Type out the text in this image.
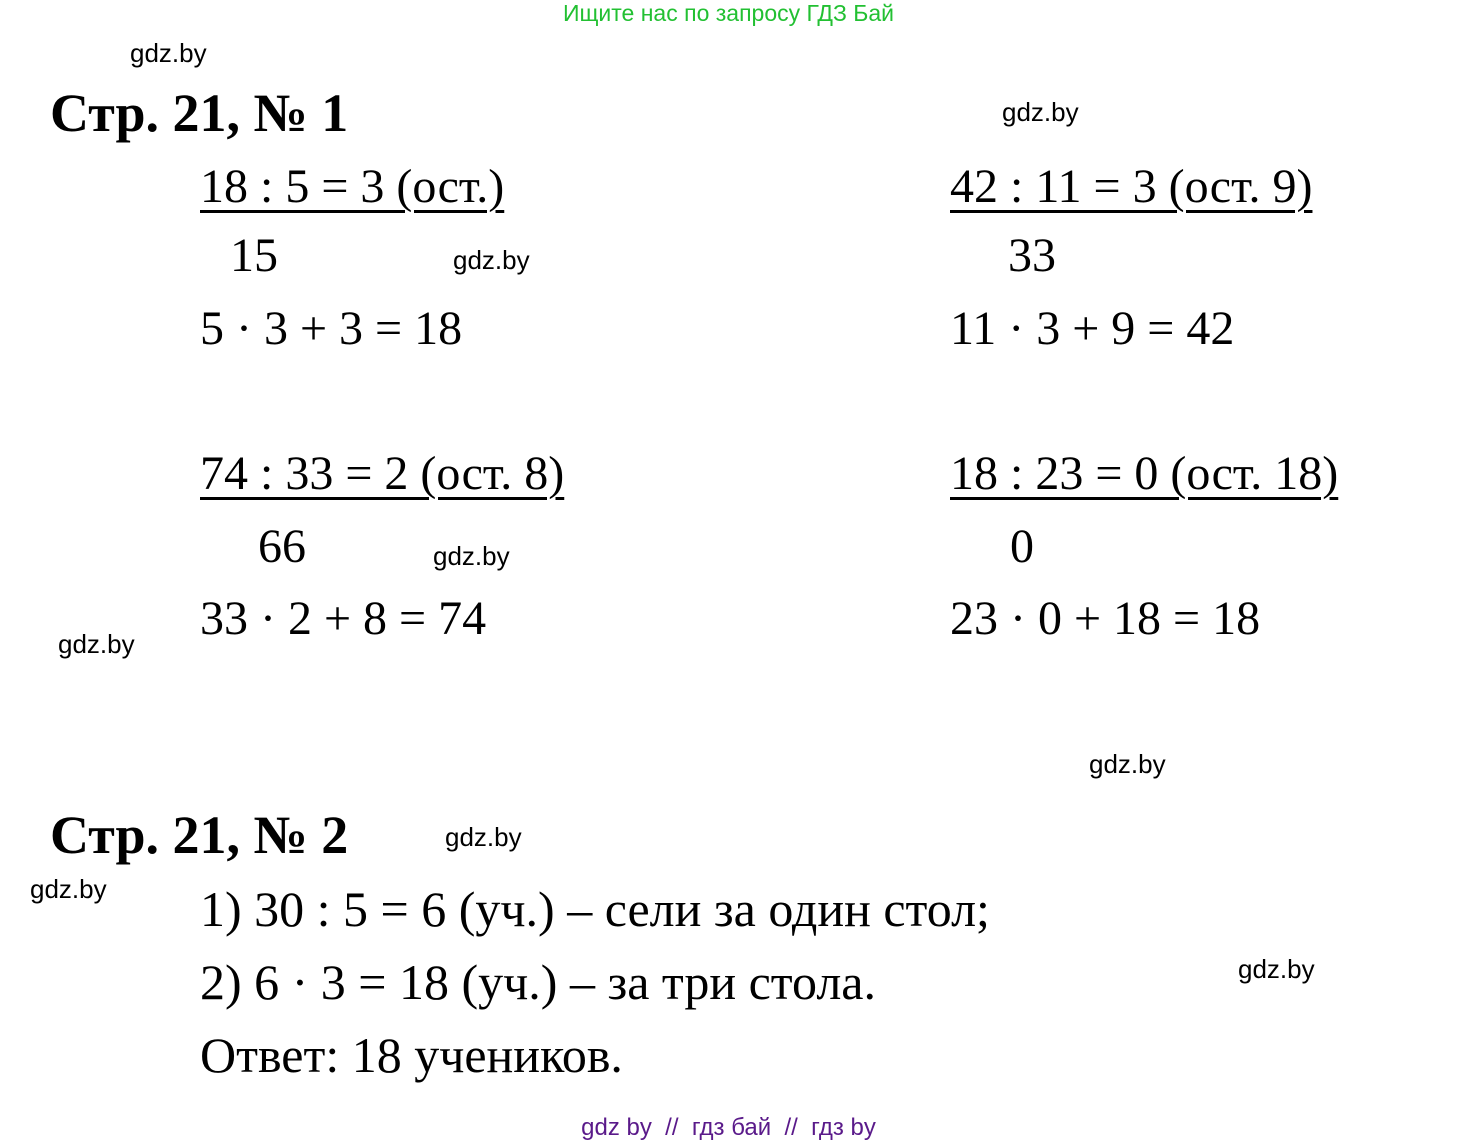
Ищите нас по запросу ГДЗ Бай
gdz.by
gdz.by
gdz.by
gdz.by
gdz.by
gdz.by
gdz.by
gdz.by
gdz.by
Стр. 21, № 1
18 : 5 = 3 (ост.)
15
5 · 3 + 3 = 18
42 : 11 = 3 (ост. 9)
33
11 · 3 + 9 = 42
74 : 33 = 2 (ост. 8)
66
33 · 2 + 8 = 74
18 : 23 = 0 (ост. 18)
0
23 · 0 + 18 = 18
Стр. 21, № 2
1) 30 : 5 = 6 (уч.) – сели за один стол;
2) 6 · 3 = 18 (уч.) – за три стола.
Ответ: 18 учеников.
gdz by  //  гдз бай  //  гдз by
